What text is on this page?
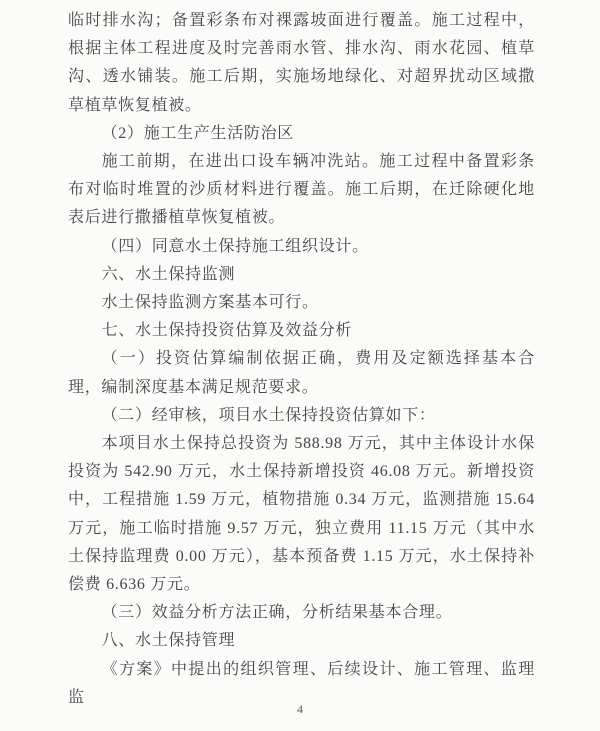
临时排水沟；备置彩条布对裸露坡面进行覆盖。施工过程中，根据主体工程进度及时完善雨水管、排水沟、雨水花园、植草沟、透水铺装。施工后期，实施场地绿化、对超界扰动区域撒草植草恢复植被。

（2）施工生产生活防治区

施工前期，在进出口设车辆冲洗站。施工过程中备置彩条布对临时堆置的沙质材料进行覆盖。施工后期，在迁除硬化地表后进行撒播植草恢复植被。

（四）同意水土保持施工组织设计。

六、水土保持监测

水土保持监测方案基本可行。

七、水土保持投资估算及效益分析

（一）投资估算编制依据正确，费用及定额选择基本合理，编制深度基本满足规范要求。

（二）经审核，项目水土保持投资估算如下：

本项目水土保持总投资为 588.98 万元，其中主体设计水保投资为 542.90 万元，水土保持新增投资 46.08 万元。新增投资中，工程措施 1.59 万元，植物措施 0.34 万元，监测措施 15.64 万元，施工临时措施 9.57 万元，独立费用 11.15 万元（其中水土保持监理费 0.00 万元），基本预备费 1.15 万元，水土保持补偿费 6.636 万元。

（三）效益分析方法正确，分析结果基本合理。

八、水土保持管理

《方案》中提出的组织管理、后续设计、施工管理、监理监

4
